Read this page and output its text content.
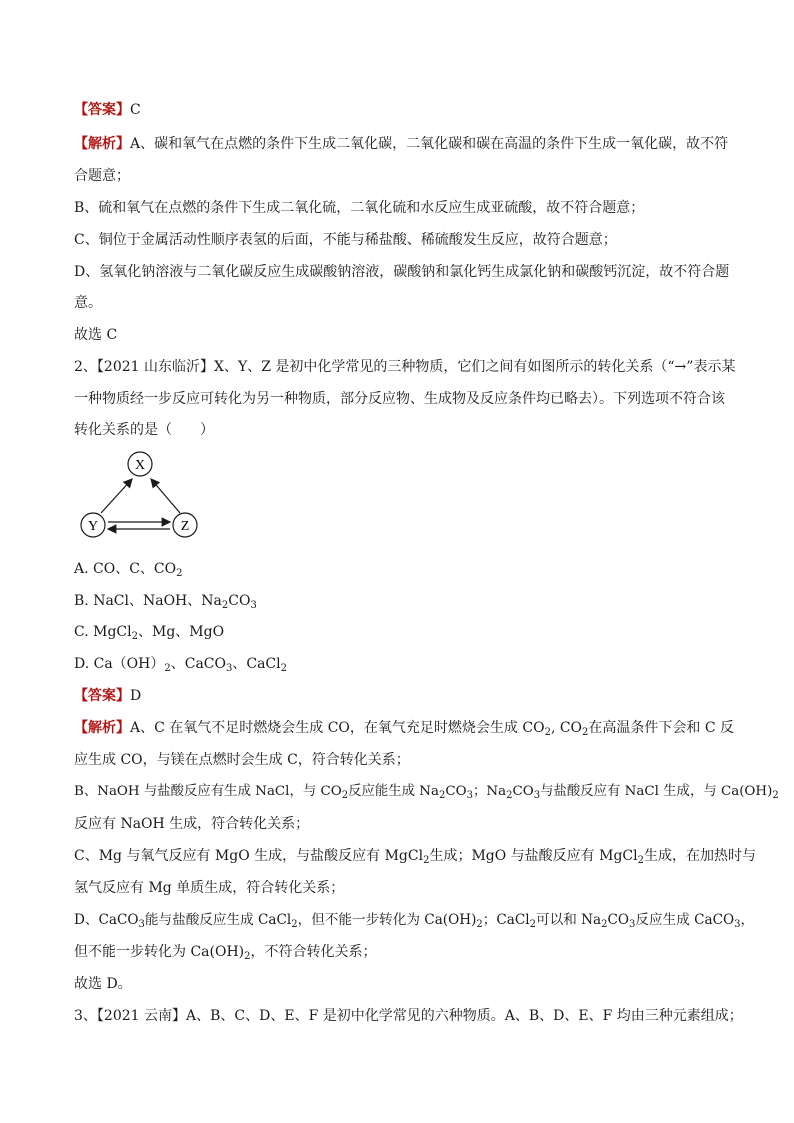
【答案】C
【解析】A、碳和氧气在点燃的条件下生成二氧化碳，二氧化碳和碳在高温的条件下生成一氧化碳，故不符
合题意；
B、硫和氧气在点燃的条件下生成二氧化硫，二氧化硫和水反应生成亚硫酸，故不符合题意；
C、铜位于金属活动性顺序表氢的后面，不能与稀盐酸、稀硫酸发生反应，故符合题意；
D、氢氧化钠溶液与二氧化碳反应生成碳酸钠溶液，碳酸钠和氯化钙生成氯化钠和碳酸钙沉淀，故不符合题
意。
故选 C
2、【2021 山东临沂】X、Y、Z 是初中化学常见的三种物质，它们之间有如图所示的转化关系（“→”表示某
一种物质经一步反应可转化为另一种物质，部分反应物、生成物及反应条件均已略去）。下列选项不符合该
转化关系的是（　　）
X
Y	Z
A. CO、C、$CO_2$
B. NaCl、NaOH、$Na_2CO_3$
C. MgCl$_2$、Mg、MgO
D. $Ca(OH)_2$、CaCO$_3$、CaCl$_2$
【答案】D
【解析】A、C 在氧气不足时燃烧会生成 CO，在氧气充足时燃烧会生成 $CO_2$, $CO_2$在高温条件下会和 C 反
应生成 CO，与镁在点燃时会生成 C，符合转化关系；
B、NaOH 与盐酸反应有生成 NaCl，与 $CO_2$反应能生成 $Na_2CO_3$；$Na_2CO_3$与盐酸反应有 NaCl 生成，与 $Ca(OH)_2$
反应有 NaOH 生成，符合转化关系；
C、Mg 与氧气反应有 MgO 生成，与盐酸反应有 MgCl$_2$生成；MgO 与盐酸反应有 MgCl$_2$生成，在加热时与
氢气反应有 Mg 单质生成，符合转化关系；
D、CaCO$_3$能与盐酸反应生成 CaCl$_2$，但不能一步转化为 $Ca(OH)_2$；CaCl$_2$可以和 $Na_2CO_3$反应生成 CaCO$_3$，
但不能一步转化为 $Ca(OH)_2$，不符合转化关系；
故选 D。
3、【2021 云南】A、B、C、D、E、F 是初中化学常见的六种物质。A、B、D、E、F 均由三种元素组成；
